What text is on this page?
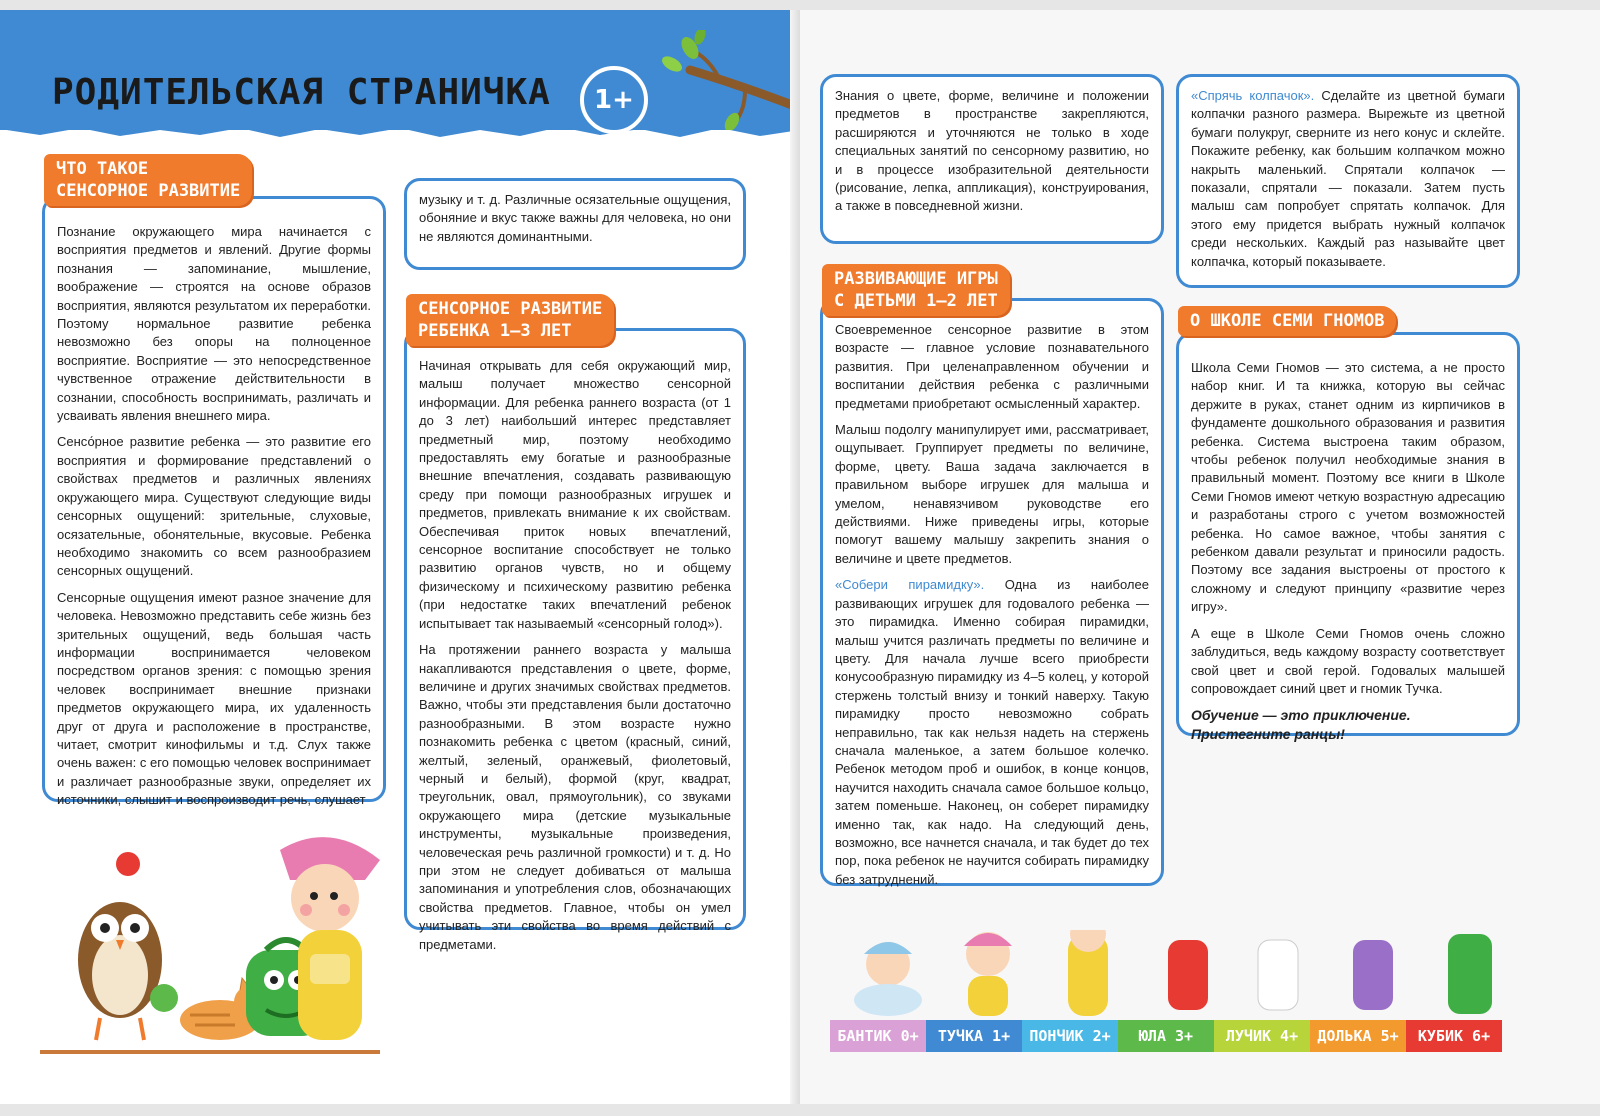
РОДИТЕЛЬСКАЯ СТРАНИЧКА	1+

Познание окружающего мира начинается с восприятия предметов и явлений. Другие формы познания — запоминание, мышление, воображение — строятся на основе образов восприятия, являются результатом их переработки. Поэтому нормальное развитие ребенка невозможно без опоры на полноценное восприятие. Восприятие — это непосредственное чувственное отражение действительности в сознании, способность воспринимать, различать и усваивать явления внешнего мира.

Сенсо́рное развитие ребенка — это развитие его восприятия и формирование представлений о свойствах предметов и различных явлениях окружающего мира. Существуют следующие виды сенсорных ощущений: зрительные, слуховые, осязательные, обонятельные, вкусовые. Ребенка необходимо знакомить со всем разнообразием сенсорных ощущений.

Сенсорные ощущения имеют разное значение для человека. Невозможно представить себе жизнь без зрительных ощущений, ведь большая часть информации воспринимается человеком посредством органов зрения: с помощью зрения человек воспринимает внешние признаки предметов окружающего мира, их удаленность друг от друга и расположение в пространстве, читает, смотрит кинофильмы и т.д. Слух также очень важен: с его помощью человек воспринимает и различает разнообразные звуки, определяет их источники, слышит и воспроизводит речь, слушает

ЧТО ТАКОЕ
СЕНСОРНОЕ РАЗВИТИЕ	музыку и т. д. Различные осязательные ощущения, обоняние и вкус также важны для человека, но они не являются доминантными.

Начиная открывать для себя окружающий мир, малыш получает множество сенсорной информации. Для ребенка раннего возраста (от 1 до 3 лет) наибольший интерес представляет предметный мир, поэтому необходимо предоставлять ему богатые и разнообразные внешние впечатления, создавать развивающую среду при помощи разнообразных игрушек и предметов, привлекать внимание к их свойствам. Обеспечивая приток новых впечатлений, сенсорное воспитание способствует не только развитию органов чувств, но и общему физическому и психическому развитию ребенка (при недостатке таких впечатлений ребенок испытывает так называемый «сенсорный голод»).

На протяжении раннего возраста у малыша накапливаются представления о цвете, форме, величине и других значимых свойствах предметов. Важно, чтобы эти представления были достаточно разнообразными. В этом возрасте нужно познакомить ребенка с цветом (красный, синий, желтый, зеленый, оранжевый, фиолетовый, черный и белый), формой (круг, квадрат, треугольник, овал, прямоугольник), со звуками окружающего мира (детские музыкальные инструменты, музыкальные произведения, человеческая речь различной громкости) и т. д. Но при этом не следует добиваться от малыша запоминания и употребления слов, обозначающих свойства предметов. Главное, чтобы он умел учитывать эти свойства во время действий с предметами.

СЕНСОРНОЕ РАЗВИТИЕ
РЕБЕНКА 1–3 ЛЕТ

Знания о цвете, форме, величине и положении предметов в пространстве закрепляются, расширяются и уточняются не только в ходе специальных занятий по сенсорному развитию, но и в процессе изобразительной деятельности (рисование, лепка, аппликация), конструирования, а также в повседневной жизни.

«Спрячь колпачок». Сделайте из цветной бумаги колпачки разного размера. Вырежьте из цветной бумаги полукруг, сверните из него конус и склейте. Покажите ребенку, как большим колпачком можно накрыть маленький. Спрятали колпачок — показали, спрятали — показали. Затем пусть малыш сам попробует спрятать колпачок. Для этого ему придется выбрать нужный колпачок среди нескольких. Каждый раз называйте цвет колпачка, который показываете.

Своевременное сенсорное развитие в этом возрасте — главное условие познавательного развития. При целенаправленном обучении и воспитании действия ребенка с различными предметами приобретают осмысленный характер.

Малыш подолгу манипулирует ими, рассматривает, ощупывает. Группирует предметы по величине, форме, цвету. Ваша задача заключается в правильном выборе игрушек для малыша и умелом, ненавязчивом руководстве его действиями. Ниже приведены игры, которые помогут вашему малышу закрепить знания о величине и цвете предметов.

«Собери пирамидку». Одна из наиболее развивающих игрушек для годовалого ребенка — это пирамидка. Именно собирая пирамидки, малыш учится различать предметы по величине и цвету. Для начала лучше всего приобрести конусообразную пирамидку из 4–5 колец, у которой стержень толстый внизу и тонкий наверху. Такую пирамидку просто невозможно собрать неправильно, так как нельзя надеть на стержень сначала маленькое, а затем большое колечко. Ребенок методом проб и ошибок, в конце концов, научится находить сначала самое большое кольцо, затем поменьше. Наконец, он соберет пирамидку именно так, как надо. На следующий день, возможно, все начнется сначала, и так будет до тех пор, пока ребенок не научится собирать пирамидку без затруднений.

РАЗВИВАЮЩИЕ ИГРЫ
С ДЕТЬМИ 1–2 ЛЕТ

Школа Семи Гномов — это система, а не просто набор книг. И та книжка, которую вы сейчас держите в руках, станет одним из кирпичиков в фундаменте дошкольного образования и развития ребенка. Система выстроена таким образом, чтобы ребенок получил необходимые знания в правильный момент. Поэтому все книги в Школе Семи Гномов имеют четкую возрастную адресацию и разработаны строго с учетом возможностей ребенка. Но самое важное, чтобы занятия с ребенком давали результат и приносили радость. Поэтому все задания выстроены от простого к сложному и следуют принципу «развитие через игру».

А еще в Школе Семи Гномов очень сложно заблудиться, ведь каждому возрасту соответствует свой цвет и свой герой. Годовалых малышей сопровождает синий цвет и гномик Тучка.

Обучение — это приключение.
Пристегните ранцы!
О ШКОЛЕ СЕМИ ГНОМОВ
БАНТИК 0+	ТУЧКА 1+	ПОНЧИК 2+	ЮЛА 3+	ЛУЧИК 4+	ДОЛЬКА 5+	КУБИК 6+
